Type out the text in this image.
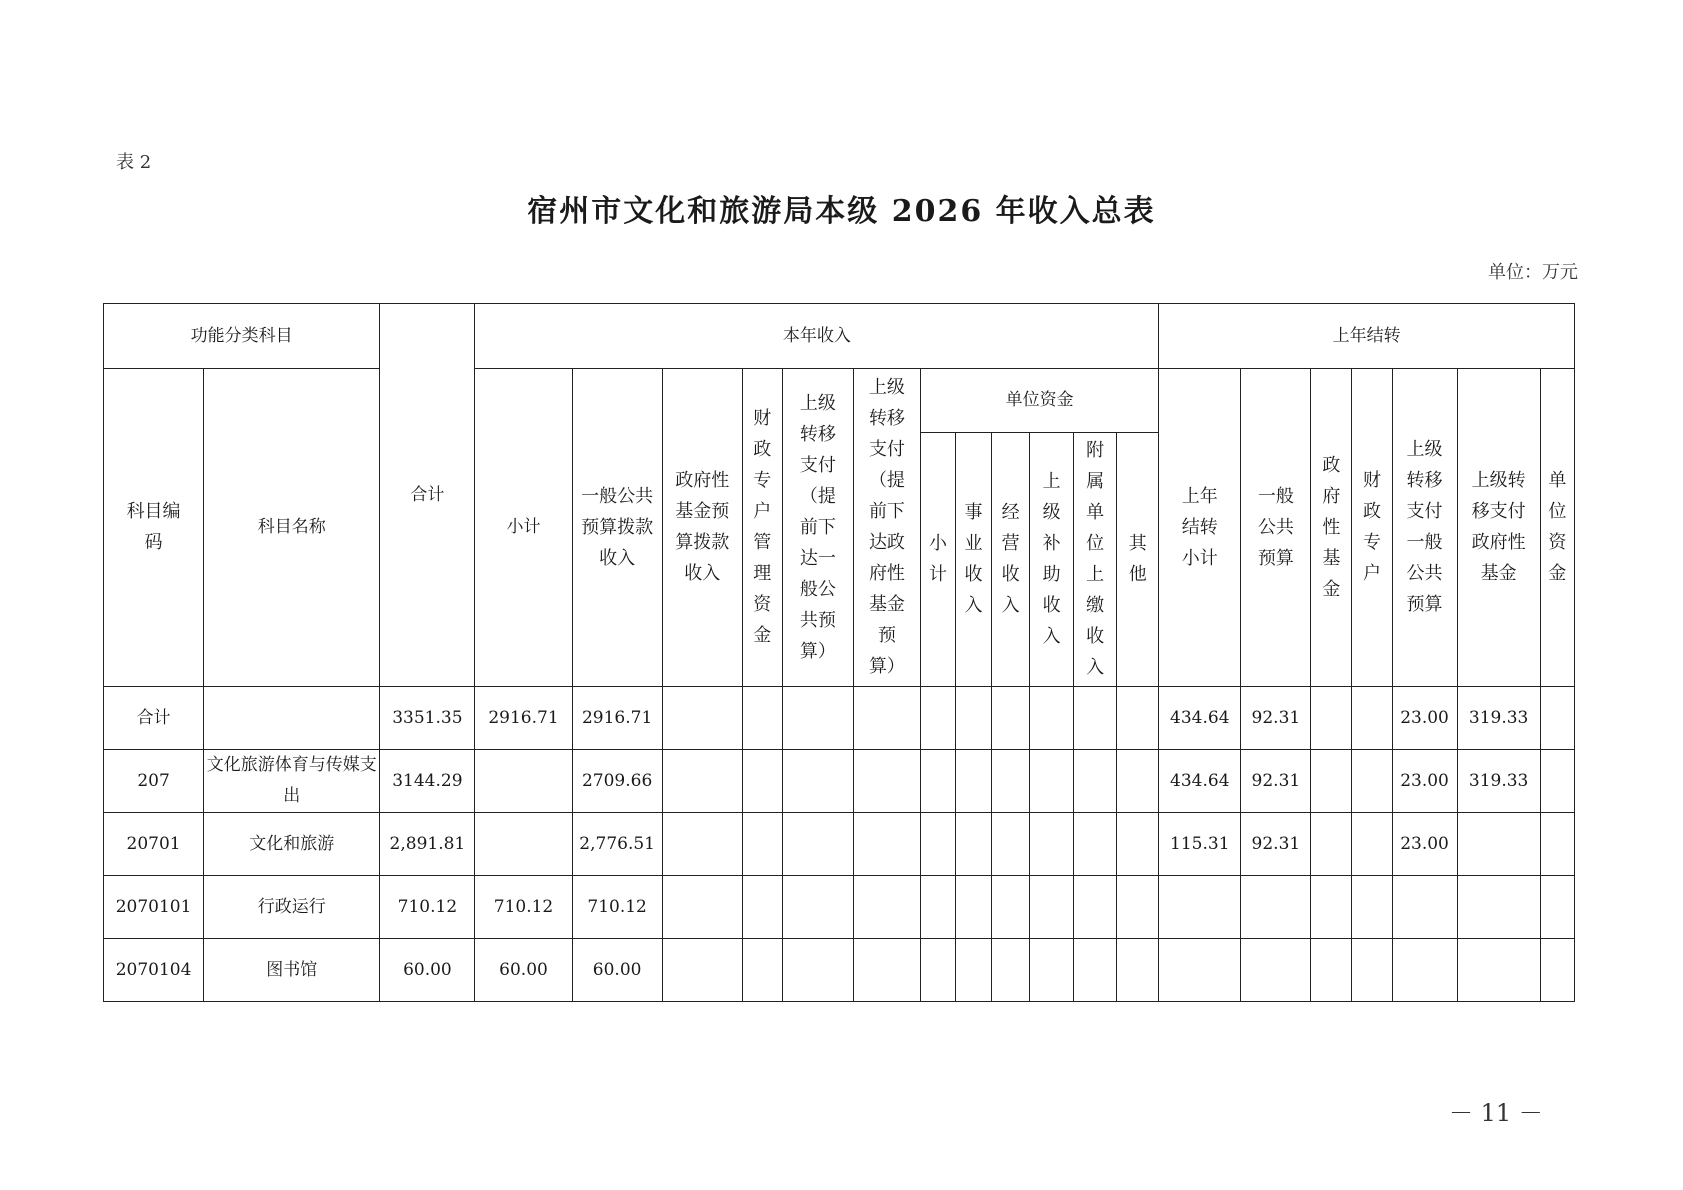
表 2
宿州市文化和旅游局本级 2026 年收入总表
单位：万元
功能分类科目		合计	本年收入												上年结转						
科目编码	科目名称		小计	一般公共预算拨款收入	政府性基金预算拨款收入	财政专户管理资金	上级转移支付（提前下达一般公共预算）	上级转移支付（提前下达政府性基金预算）	单位资金						上年结转小计	一般公共预算	政府性基金	财政专户	上级转移支付一般公共预算	上级转移支付政府性基金	单位资金
									小计	事业收入	经营收入	上级补助收入	附属单位上缴收入	其他							
合计		3351.35	2916.71	2916.71											434.64	92.31			23.00	319.33	
207	文化旅游体育与传媒支出	3144.29		2709.66											434.64	92.31			23.00	319.33	
20701	文化和旅游	2,891.81		2,776.51											115.31	92.31			23.00		
2070101	行政运行	710.12	710.12	710.12																	
2070104	图书馆	60.00	60.00	60.00																	
－ 11 －
